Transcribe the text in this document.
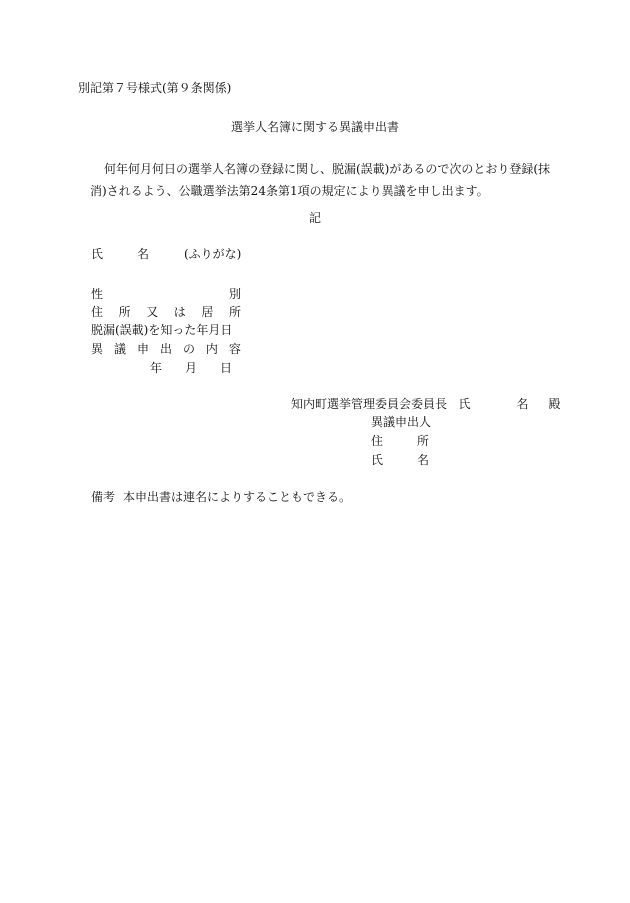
別記第７号様式(第９条関係)
選挙人名簿に関する異議申出書
何年何月何日の選挙人名簿の登録に関し、脱漏(誤載)があるので次のとおり登録(抹
消)されるよう、公職選挙法第24条第1項の規定により異議を申し出ます。
記
氏	名	(ふりがな)
性	別
住 所 又 は 居 所
脱漏(誤載)を知った年月日
異 議 申 出 の 内 容
年 月 日
知内町選挙管理委員会委員長 氏	名 殿
異議申出人
住	所
氏	名
備考 本申出書は連名によりすることもできる。
